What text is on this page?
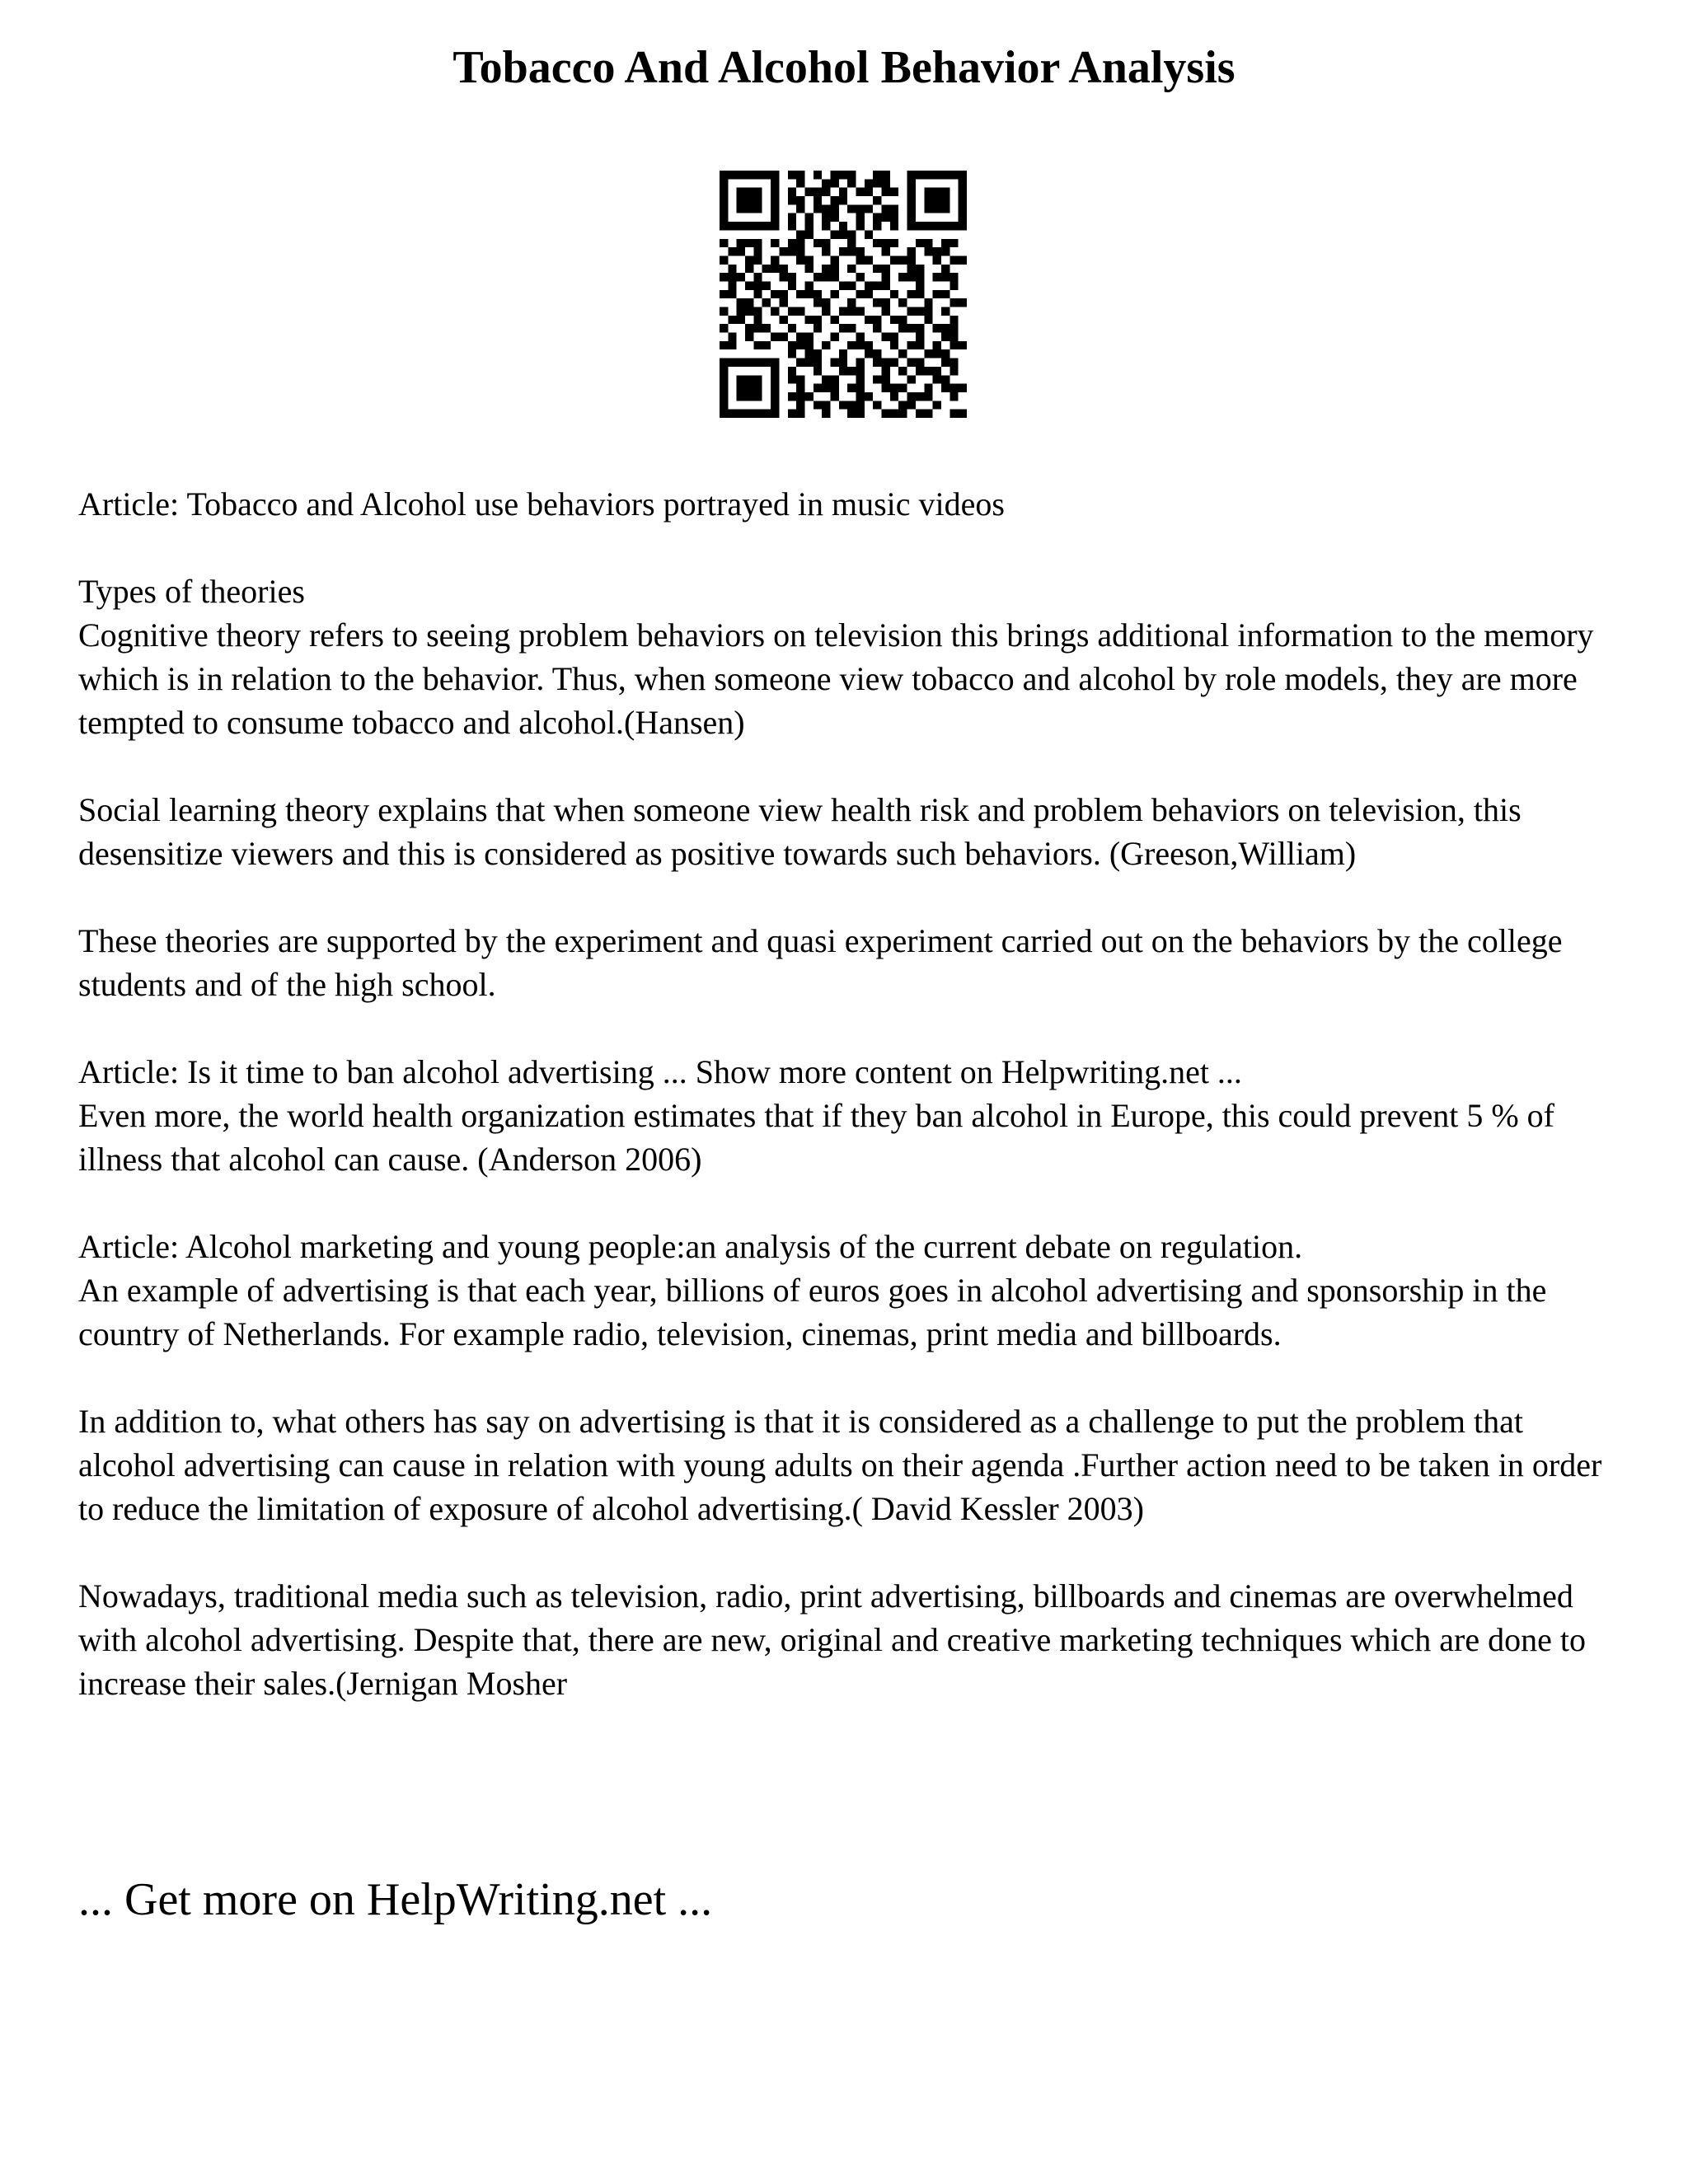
Tobacco And Alcohol Behavior Analysis

Article: Tobacco and Alcohol use behaviors portrayed in music videos

Types of theories

Cognitive theory refers to seeing problem behaviors on television this brings additional information to the memory which is in relation to the behavior. Thus, when someone view tobacco and alcohol by role models, they are more tempted to consume tobacco and alcohol.(Hansen)

Social learning theory explains that when someone view health risk and problem behaviors on television, this desensitize viewers and this is considered as positive towards such behaviors. (Greeson,William)

These theories are supported by the experiment and quasi experiment carried out on the behaviors by the college students and of the high school.

Article: Is it time to ban alcohol advertising ... Show more content on Helpwriting.net ...

Even more, the world health organization estimates that if they ban alcohol in Europe, this could prevent 5 % of illness that alcohol can cause. (Anderson 2006)

Article: Alcohol marketing and young people:an analysis of the current debate on regulation.

An example of advertising is that each year, billions of euros goes in alcohol advertising and sponsorship in the country of Netherlands. For example radio, television, cinemas, print media and billboards.

In addition to, what others has say on advertising is that it is considered as a challenge to put the problem that alcohol advertising can cause in relation with young adults on their agenda .Further action need to be taken in order to reduce the limitation of exposure of alcohol advertising.( David Kessler 2003)

Nowadays, traditional media such as television, radio, print advertising, billboards and cinemas are overwhelmed with alcohol advertising. Despite that, there are new, original and creative marketing techniques which are done to increase their sales.(Jernigan Mosher

... Get more on HelpWriting.net ...
